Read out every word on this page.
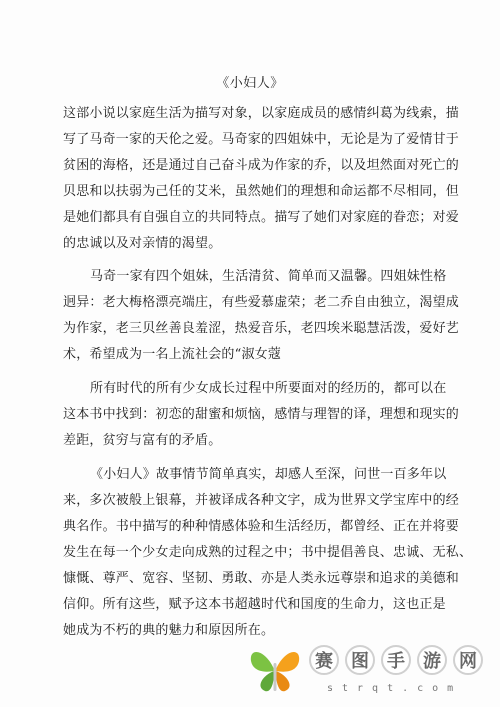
《小妇人》
这部小说以家庭生活为描写对象，以家庭成员的感情纠葛为线索，描
写了马奇一家的天伦之爱。马奇家的四姐妹中，无论是为了爱情甘于
贫困的海格，还是通过自己奋斗成为作家的乔，以及坦然面对死亡的
贝思和以扶弱为己任的艾米，虽然她们的理想和命运都不尽相同，但
是她们都具有自强自立的共同特点。描写了她们对家庭的眷恋；对爱
的忠诚以及对亲情的渴望。
马奇一家有四个姐妹，生活清贫、简单而又温馨。四姐妹性格
迥异：老大梅格漂亮端庄，有些爱慕虚荣；老二乔自由独立，渴望成
为作家，老三贝丝善良羞涩，热爱音乐，老四埃米聪慧活泼，爱好艺
术，希望成为一名上流社会的“淑女蔻
所有时代的所有少女成长过程中所要面对的经历的，都可以在
这本书中找到：初恋的甜蜜和烦恼，感情与理智的译，理想和现实的
差距，贫穷与富有的矛盾。
《小妇人》故事情节简单真实，却感人至深，问世一百多年以
来，多次被般上银幕，并被译成各种文字，成为世界文学宝库中的经
典名作。书中描写的种种情感体验和生活经历，都曾经、正在并将要
发生在每一个少女走向成熟的过程之中；书中提倡善良、忠诚、无私、
慷慨、尊严、宽容、坚韧、勇敢、亦是人类永远尊崇和追求的美德和
信仰。所有这些，赋予这本书超越时代和国度的生命力，这也正是
她成为不朽的典的魅力和原因所在。
赛	图	手	游	网
strqt.com
